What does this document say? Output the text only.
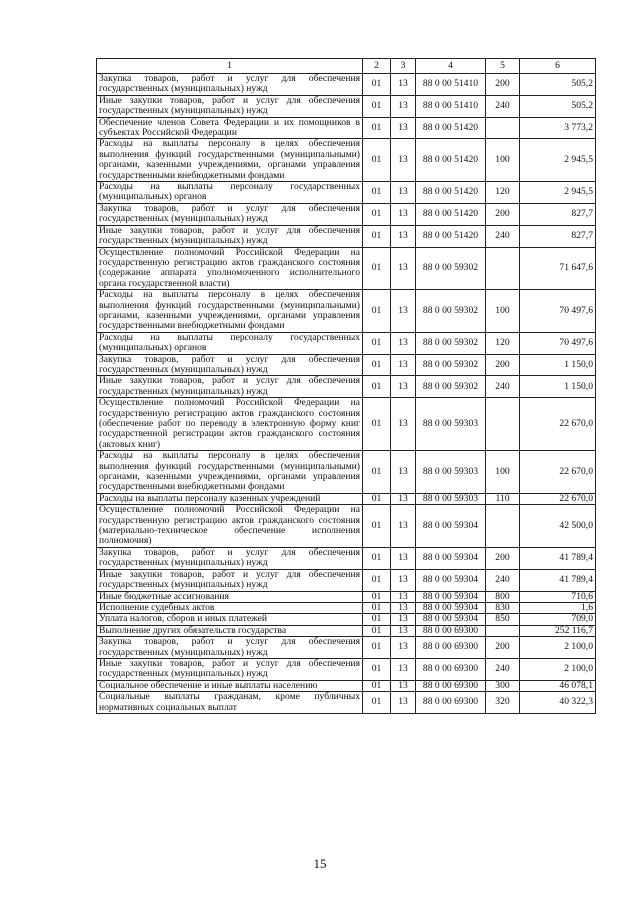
1	2	3	4	5	6
Закупка товаров, работ и услуг для обеспечения государственных (муниципальных) нужд	01	13	88 0 00 51410	200	505,2
Иные закупки товаров, работ и услуг для обеспечения государственных (муниципальных) нужд	01	13	88 0 00 51410	240	505,2
Обеспечение членов Совета Федерации и их помощников в субъектах Российской Федерации	01	13	88 0 00 51420		3 773,2
Расходы на выплаты персоналу в целях обеспечения выполнения функций государственными (муниципальными) органами, казенными учреждениями, органами управления государственными внебюджетными фондами	01	13	88 0 00 51420	100	2 945,5
Расходы на выплаты персоналу государственных (муниципальных) органов	01	13	88 0 00 51420	120	2 945,5
Закупка товаров, работ и услуг для обеспечения государственных (муниципальных) нужд	01	13	88 0 00 51420	200	827,7
Иные закупки товаров, работ и услуг для обеспечения государственных (муниципальных) нужд	01	13	88 0 00 51420	240	827,7
Осуществление полномочий Российской Федерации на государственную регистрацию актов гражданского состояния (содержание аппарата уполномоченного исполнительного органа государственной власти)	01	13	88 0 00 59302		71 647,6
Расходы на выплаты персоналу в целях обеспечения выполнения функций государственными (муниципальными) органами, казенными учреждениями, органами управления государственными внебюджетными фондами	01	13	88 0 00 59302	100	70 497,6
Расходы на выплаты персоналу государственных (муниципальных) органов	01	13	88 0 00 59302	120	70 497,6
Закупка товаров, работ и услуг для обеспечения государственных (муниципальных) нужд	01	13	88 0 00 59302	200	1 150,0
Иные закупки товаров, работ и услуг для обеспечения государственных (муниципальных) нужд	01	13	88 0 00 59302	240	1 150,0
Осуществление полномочий Российской Федерации на государственную регистрацию актов гражданского состояния (обеспечение работ по переводу в электронную форму книг государственной регистрации актов гражданского состояния (актовых книг)	01	13	88 0 00 59303		22 670,0
Расходы на выплаты персоналу в целях обеспечения выполнения функций государственными (муниципальными) органами, казенными учреждениями, органами управления государственными внебюджетными фондами	01	13	88 0 00 59303	100	22 670,0
Расходы на выплаты персоналу казенных учреждений	01	13	88 0 00 59303	110	22 670,0
Осуществление полномочий Российской Федерации на государственную регистрацию актов гражданского состояния (материально-техническое обеспечение исполнения полномочия)	01	13	88 0 00 59304		42 500,0
Закупка товаров, работ и услуг для обеспечения государственных (муниципальных) нужд	01	13	88 0 00 59304	200	41 789,4
Иные закупки товаров, работ и услуг для обеспечения государственных (муниципальных) нужд	01	13	88 0 00 59304	240	41 789,4
Иные бюджетные ассигнования	01	13	88 0 00 59304	800	710,6
Исполнение судебных актов	01	13	88 0 00 59304	830	1,6
Уплата налогов, сборов и иных платежей	01	13	88 0 00 59304	850	709,0
Выполнение других обязательств государства	01	13	88 0 00 69300		252 116,7
Закупка товаров, работ и услуг для обеспечения государственных (муниципальных) нужд	01	13	88 0 00 69300	200	2 100,0
Иные закупки товаров, работ и услуг для обеспечения государственных (муниципальных) нужд	01	13	88 0 00 69300	240	2 100,0
Социальное обеспечение и иные выплаты населению	01	13	88 0 00 69300	300	46 078,1
Социальные выплаты гражданам, кроме публичных нормативных социальных выплат	01	13	88 0 00 69300	320	40 322,3
15
